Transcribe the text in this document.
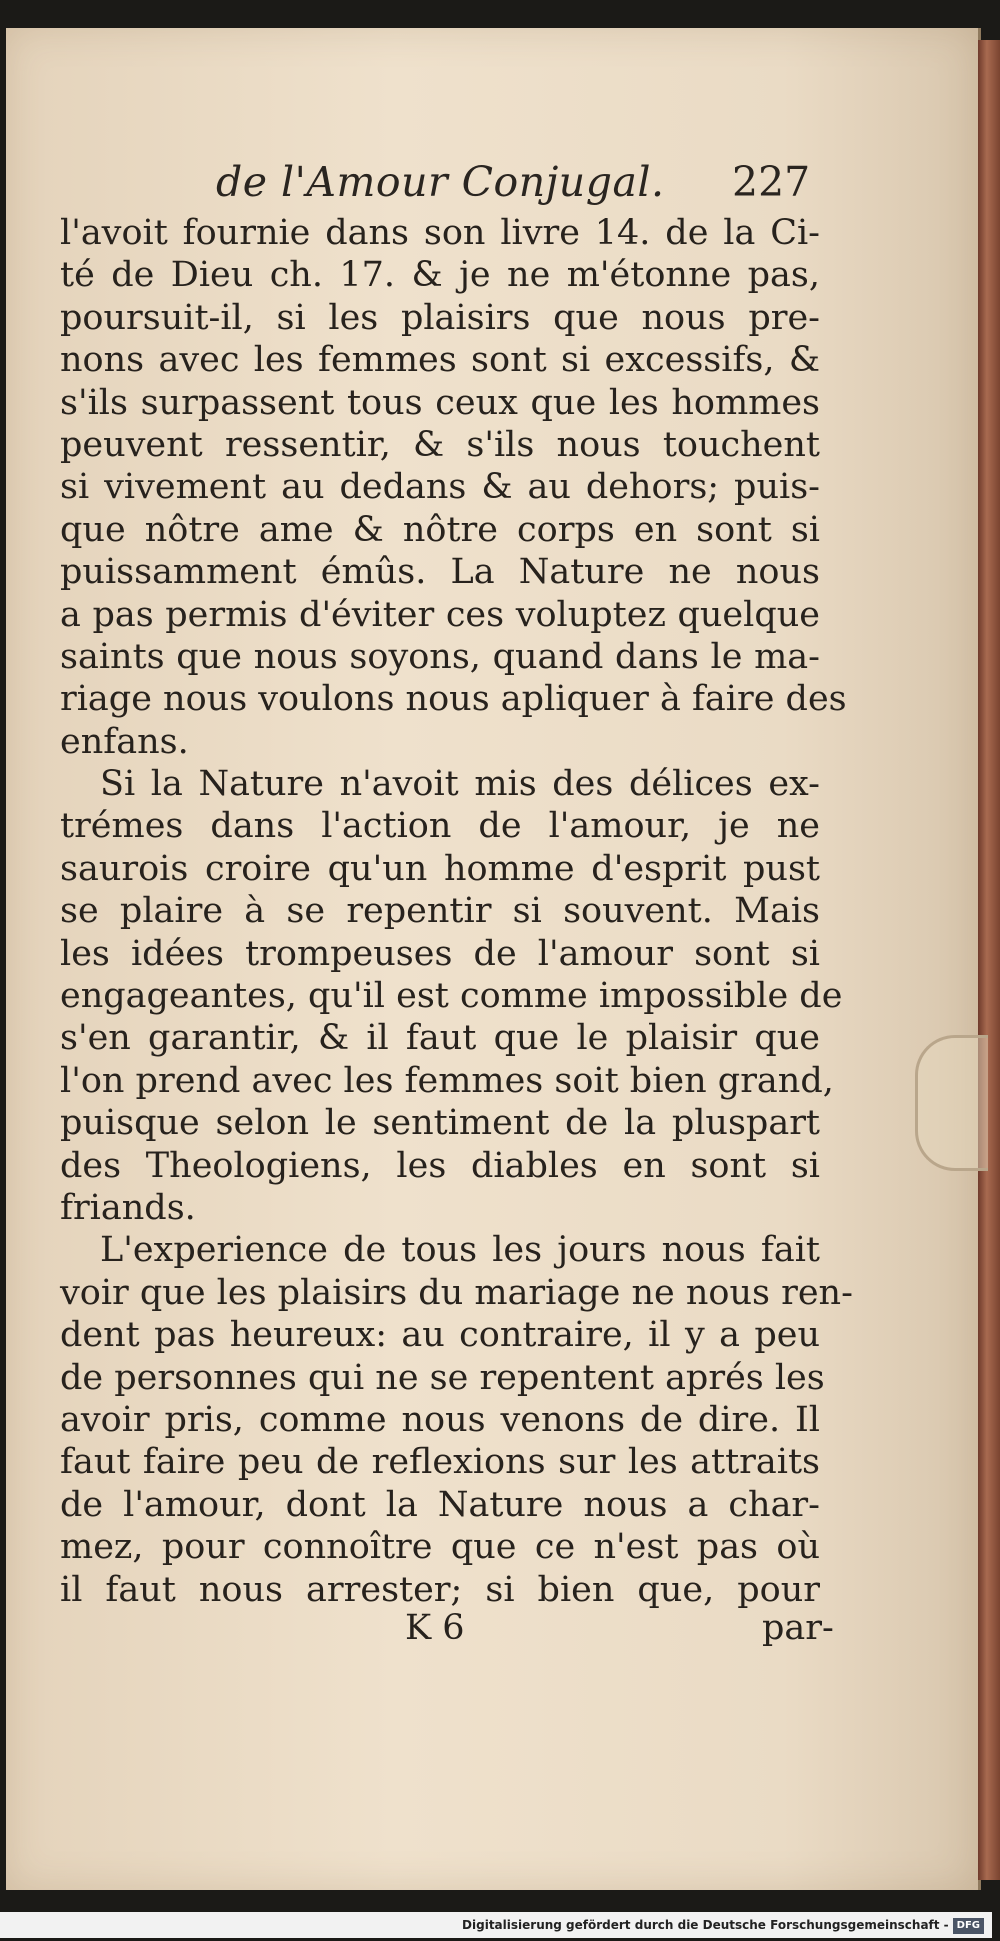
de l'Amour Conjugal. 227
l'avoit fournie dans son livre 14. de la Ci-
té de Dieu ch. 17. & je ne m'étonne pas,
poursuit-il, si les plaisirs que nous pre-
nons avec les femmes sont si excessifs, &
s'ils surpassent tous ceux que les hommes
peuvent ressentir, & s'ils nous touchent
si vivement au dedans & au dehors; puis-
que nôtre ame & nôtre corps en sont si
puissamment émûs. La Nature ne nous
a pas permis d'éviter ces voluptez quelque
saints que nous soyons, quand dans le ma-
riage nous voulons nous apliquer à faire des
enfans.
Si la Nature n'avoit mis des délices ex-
trémes dans l'action de l'amour, je ne
saurois croire qu'un homme d'esprit pust
se plaire à se repentir si souvent. Mais
les idées trompeuses de l'amour sont si
engageantes, qu'il est comme impossible de
s'en garantir, & il faut que le plaisir que
l'on prend avec les femmes soit bien grand,
puisque selon le sentiment de la pluspart
des Theologiens, les diables en sont si
friands.
L'experience de tous les jours nous fait
voir que les plaisirs du mariage ne nous ren-
dent pas heureux: au contraire, il y a peu
de personnes qui ne se repentent aprés les
avoir pris, comme nous venons de dire. Il
faut faire peu de reflexions sur les attraits
de l'amour, dont la Nature nous a char-
mez, pour connoître que ce n'est pas où
il faut nous arrester; si bien que, pour
K 6	par-
Digitalisierung gefördert durch die Deutsche Forschungsgemeinschaft - DFG
